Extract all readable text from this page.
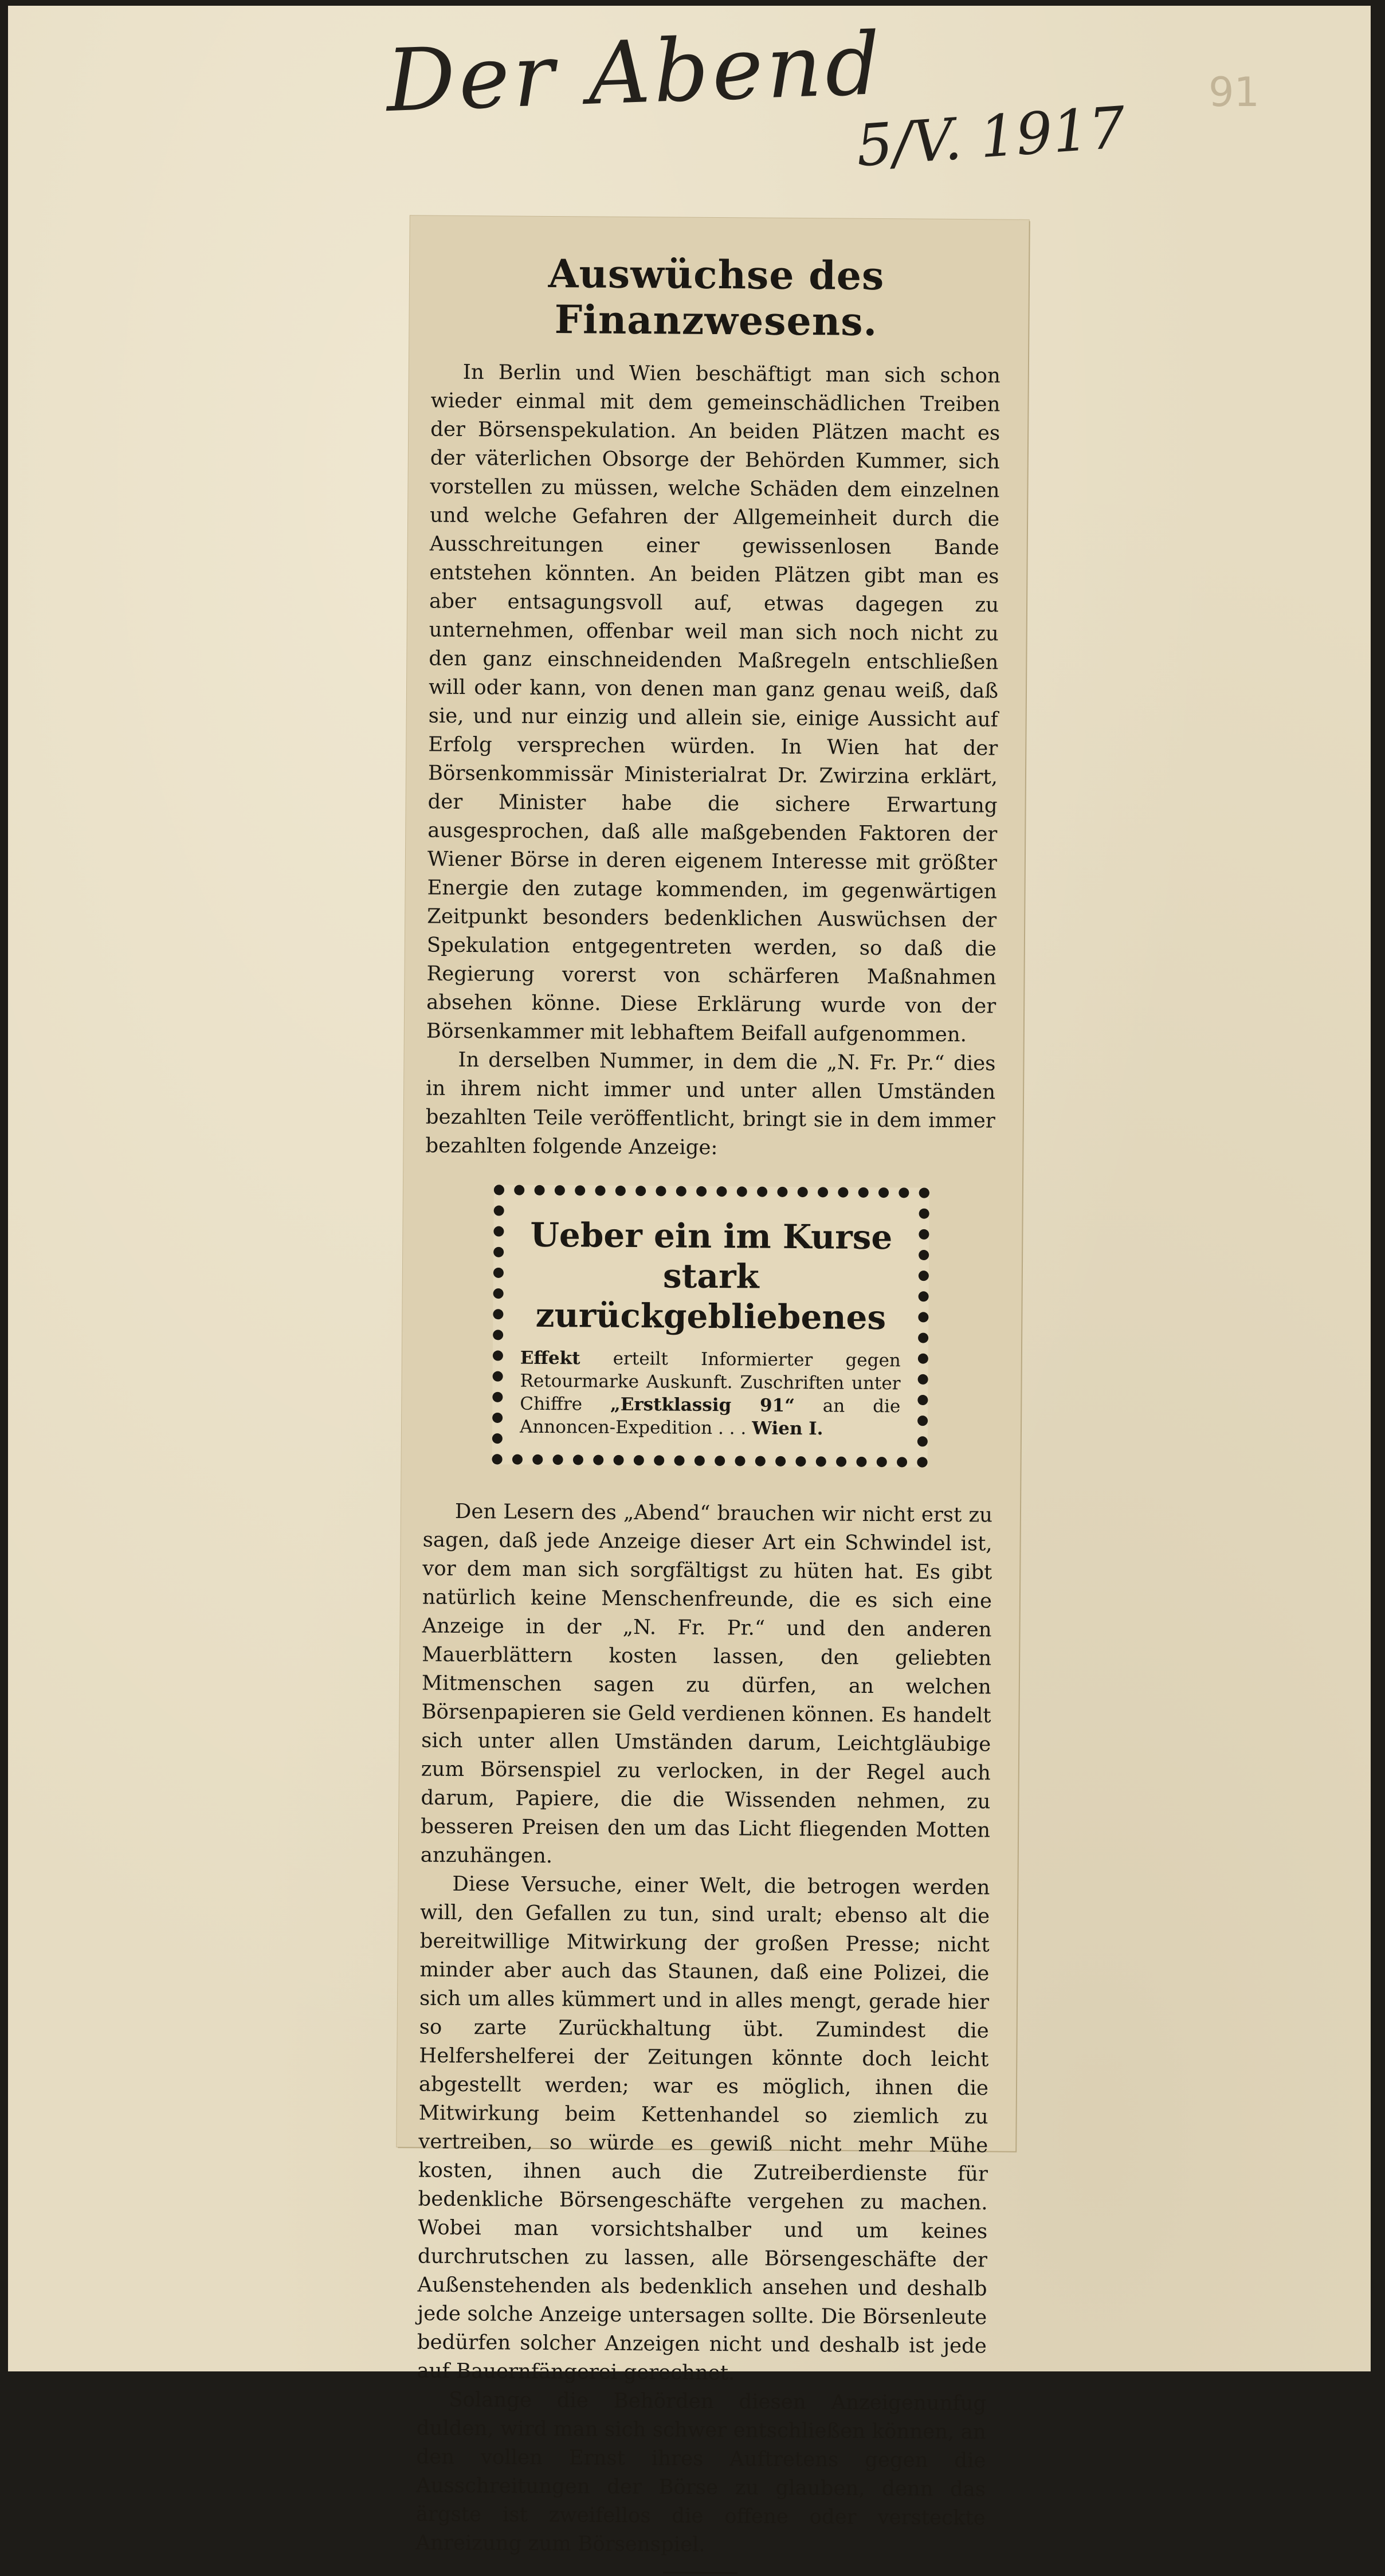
Der Abend
5/V. 1917
91
Auswüchse des Finanzwesens.

In Berlin und Wien beschäftigt man sich schon wieder einmal mit dem gemeinschädlichen Treiben der Börsenspekulation. An beiden Plätzen macht es der väterlichen Obsorge der Behörden Kummer, sich vorstellen zu müssen, welche Schäden dem einzelnen und welche Gefahren der Allgemeinheit durch die Ausschreitungen einer gewissenlosen Bande entstehen könnten. An beiden Plätzen gibt man es aber entsagungsvoll auf, etwas dagegen zu unternehmen, offenbar weil man sich noch nicht zu den ganz einschneidenden Maßregeln entschließen will oder kann, von denen man ganz genau weiß, daß sie, und nur einzig und allein sie, einige Aussicht auf Erfolg versprechen würden. In Wien hat der Börsenkommissär Ministerialrat Dr. Zwirzina erklärt, der Minister habe die sichere Erwartung ausgesprochen, daß alle maßgebenden Faktoren der Wiener Börse in deren eigenem Interesse mit größter Energie den zutage kommenden, im gegenwärtigen Zeitpunkt besonders bedenklichen Auswüchsen der Spekulation entgegentreten werden, so daß die Regierung vorerst von schärferen Maßnahmen absehen könne. Diese Erklärung wurde von der Börsenkammer mit lebhaftem Beifall aufgenommen.

In derselben Nummer, in dem die „N. Fr. Pr.“ dies in ihrem nicht immer und unter allen Umständen bezahlten Teile veröffentlicht, bringt sie in dem immer bezahlten folgende Anzeige:

Ueber ein im Kurse stark zurückgebliebenes

Effekt erteilt Informierter gegen Retourmarke Auskunft. Zuschriften unter Chiffre „Erstklassig 91“ an die Annoncen-Expedition . . . Wien I.

Den Lesern des „Abend“ brauchen wir nicht erst zu sagen, daß jede Anzeige dieser Art ein Schwindel ist, vor dem man sich sorgfältigst zu hüten hat. Es gibt natürlich keine Menschenfreunde, die es sich eine Anzeige in der „N. Fr. Pr.“ und den anderen Mauerblättern kosten lassen, den geliebten Mitmenschen sagen zu dürfen, an welchen Börsenpapieren sie Geld verdienen können. Es handelt sich unter allen Umständen darum, Leichtgläubige zum Börsenspiel zu verlocken, in der Regel auch darum, Papiere, die die Wissenden nehmen, zu besseren Preisen den um das Licht fliegenden Motten anzuhängen.

Diese Versuche, einer Welt, die betrogen werden will, den Gefallen zu tun, sind uralt; ebenso alt die bereitwillige Mitwirkung der großen Presse; nicht minder aber auch das Staunen, daß eine Polizei, die sich um alles kümmert und in alles mengt, gerade hier so zarte Zurückhaltung übt. Zumindest die Helfershelferei der Zeitungen könnte doch leicht abgestellt werden; war es möglich, ihnen die Mitwirkung beim Kettenhandel so ziemlich zu vertreiben, so würde es gewiß nicht mehr Mühe kosten, ihnen auch die Zutreiberdienste für bedenkliche Börsengeschäfte vergehen zu machen. Wobei man vorsichtshalber und um keines durchrutschen zu lassen, alle Börsengeschäfte der Außenstehenden als bedenklich ansehen und deshalb jede solche Anzeige untersagen sollte. Die Börsenleute bedürfen solcher Anzeigen nicht und deshalb ist jede auf Bauernfängerei gerechnet.

Solange die Behörden diesen Anzeigenunfug dulden, wird man sich schwer entschließen können, an den vollen Ernst ihres Auftretens gegen die Ausschreitungen der Börse zu glauben, denn das ärgste ist zweifellos die offene oder versteckte Anreizung zum Börsenspiel.
